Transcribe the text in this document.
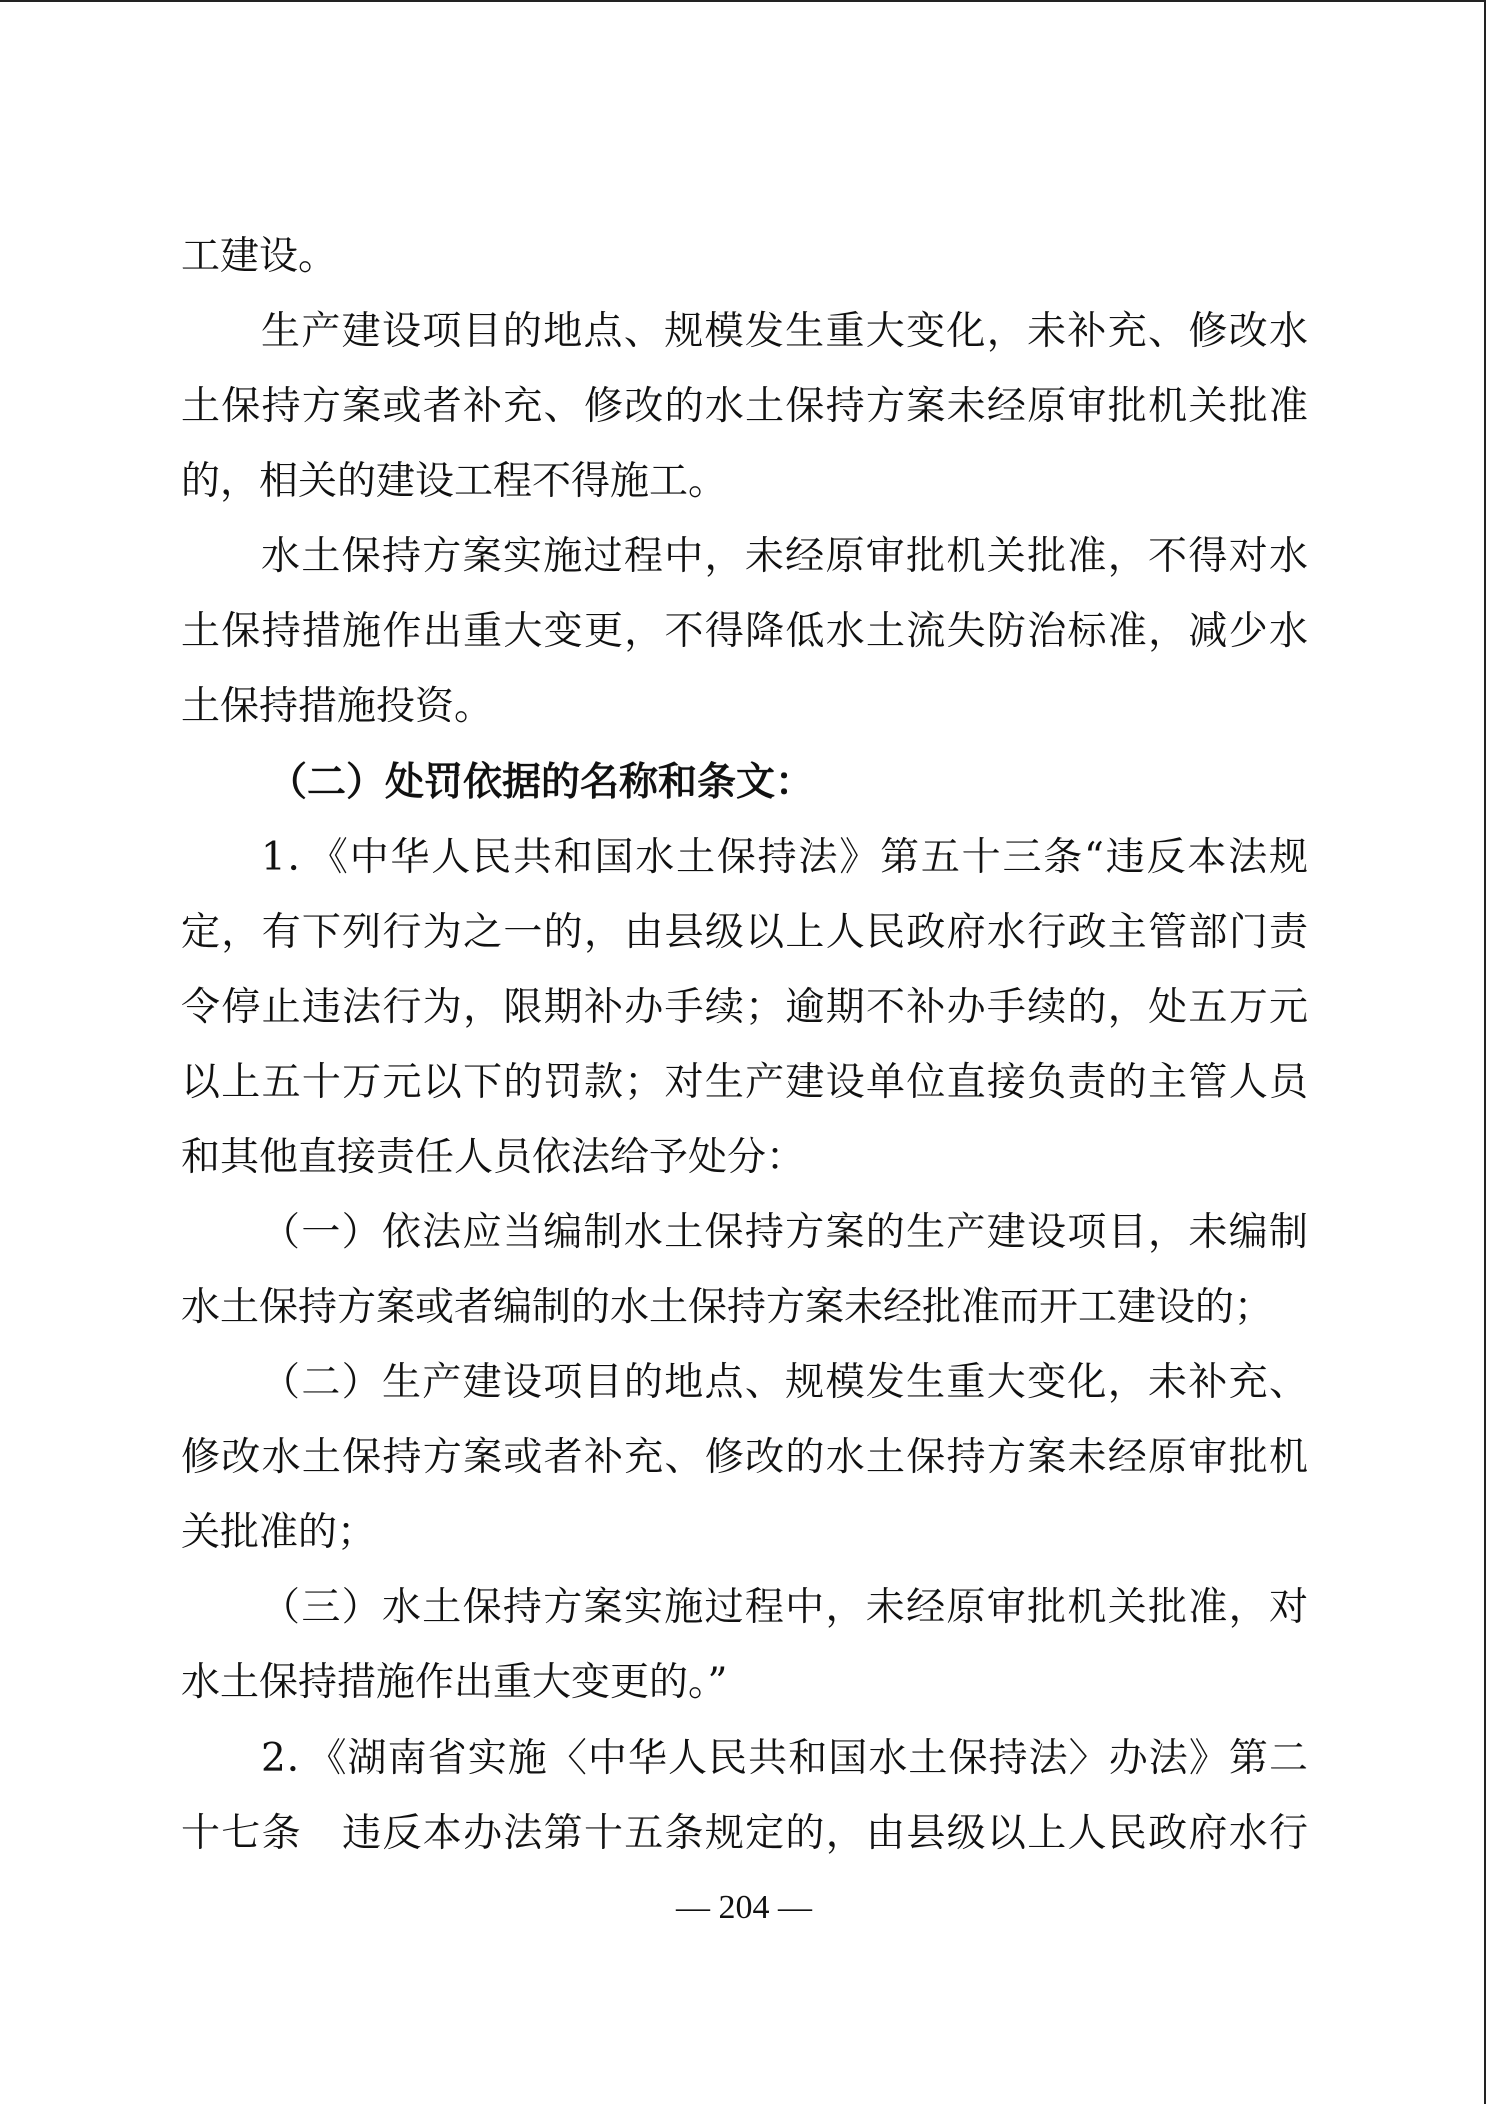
工建设。
生产建设项目的地点、规模发生重大变化，未补充、修改水
土保持方案或者补充、修改的水土保持方案未经原审批机关批准
的，相关的建设工程不得施工。
水土保持方案实施过程中，未经原审批机关批准，不得对水
土保持措施作出重大变更，不得降低水土流失防治标准，减少水
土保持措施投资。
（二）处罚依据的名称和条文：
1．《中华人民共和国水土保持法》第五十三条“违反本法规
定，有下列行为之一的，由县级以上人民政府水行政主管部门责
令停止违法行为，限期补办手续；逾期不补办手续的，处五万元
以上五十万元以下的罚款；对生产建设单位直接负责的主管人员
和其他直接责任人员依法给予处分：
（一）依法应当编制水土保持方案的生产建设项目，未编制
水土保持方案或者编制的水土保持方案未经批准而开工建设的；
（二）生产建设项目的地点、规模发生重大变化，未补充、
修改水土保持方案或者补充、修改的水土保持方案未经原审批机
关批准的；
（三）水土保持方案实施过程中，未经原审批机关批准，对
水土保持措施作出重大变更的。”
2．《湖南省实施〈中华人民共和国水土保持法〉办法》第二
十七条　违反本办法第十五条规定的，由县级以上人民政府水行
— 204 —
